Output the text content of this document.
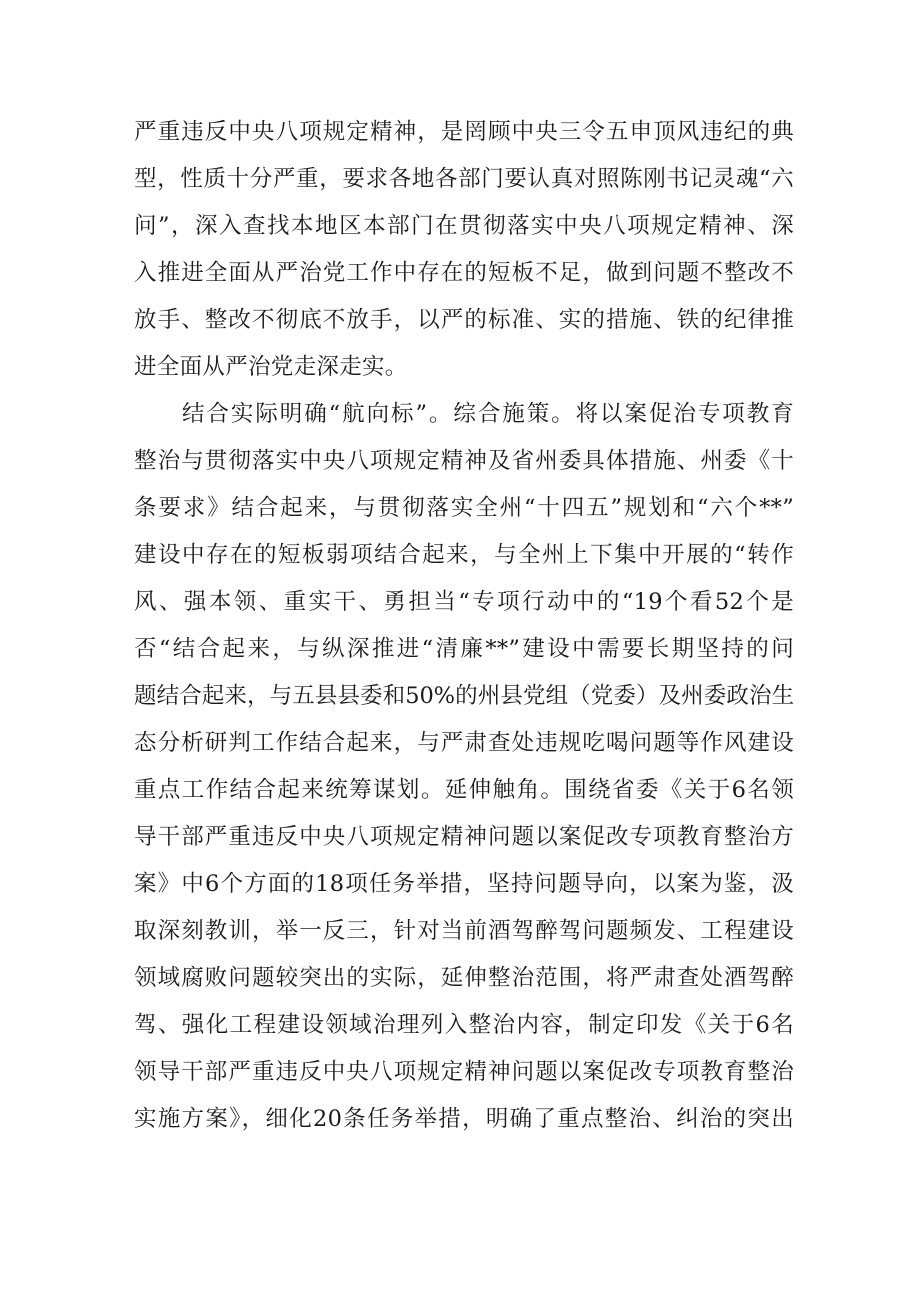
严重违反中央八项规定精神，是罔顾中央三令五申顶风违纪的典
型，性质十分严重，要求各地各部门要认真对照陈刚书记灵魂“六
问”，深入查找本地区本部门在贯彻落实中央八项规定精神、深
入推进全面从严治党工作中存在的短板不足，做到问题不整改不
放手、整改不彻底不放手，以严的标准、实的措施、铁的纪律推
进全面从严治党走深走实。
结合实际明确“航向标”。综合施策。将以案促治专项教育
整治与贯彻落实中央八项规定精神及省州委具体措施、州委《十
条要求》结合起来，与贯彻落实全州“十四五”规划和“六个**”
建设中存在的短板弱项结合起来，与全州上下集中开展的“转作
风、强本领、重实干、勇担当“专项行动中的“19个看52个是
否“结合起来，与纵深推进“清廉**”建设中需要长期坚持的问
题结合起来，与五县县委和50%的州县党组（党委）及州委政治生
态分析研判工作结合起来，与严肃查处违规吃喝问题等作风建设
重点工作结合起来统筹谋划。延伸触角。围绕省委《关于6名领
导干部严重违反中央八项规定精神问题以案促改专项教育整治方
案》中6个方面的18项任务举措，坚持问题导向，以案为鉴，汲
取深刻教训，举一反三，针对当前酒驾醉驾问题频发、工程建设
领域腐败问题较突出的实际，延伸整治范围，将严肃查处酒驾醉
驾、强化工程建设领域治理列入整治内容，制定印发《关于6名
领导干部严重违反中央八项规定精神问题以案促改专项教育整治
实施方案》，细化20条任务举措，明确了重点整治、纠治的突出
